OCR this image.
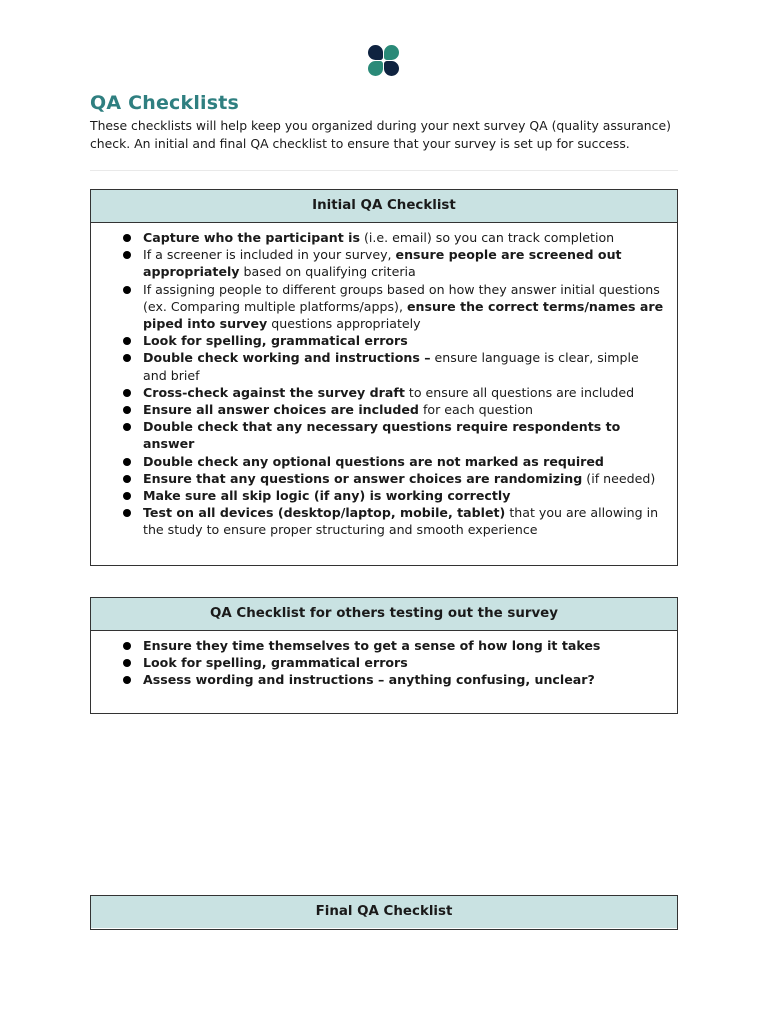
QA Checklists

These checklists will help keep you organized during your next survey QA (quality assurance) check. An initial and final QA checklist to ensure that your survey is set up for success.

Initial QA Checklist
Capture who the participant is (i.e. email) so you can track completion
If a screener is included in your survey, ensure people are screened out appropriately based on qualifying criteria
If assigning people to different groups based on how they answer initial questions (ex. Comparing multiple platforms/apps), ensure the correct terms/names are piped into survey questions appropriately
Look for spelling, grammatical errors
Double check working and instructions – ensure language is clear, simple and brief
Cross-check against the survey draft to ensure all questions are included
Ensure all answer choices are included for each question
Double check that any necessary questions require respondents to answer
Double check any optional questions are not marked as required
Ensure that any questions or answer choices are randomizing (if needed)
Make sure all skip logic (if any) is working correctly
Test on all devices (desktop/laptop, mobile, tablet) that you are allowing in the study to ensure proper structuring and smooth experience
QA Checklist for others testing out the survey
Ensure they time themselves to get a sense of how long it takes
Look for spelling, grammatical errors
Assess wording and instructions – anything confusing, unclear?
Final QA Checklist
